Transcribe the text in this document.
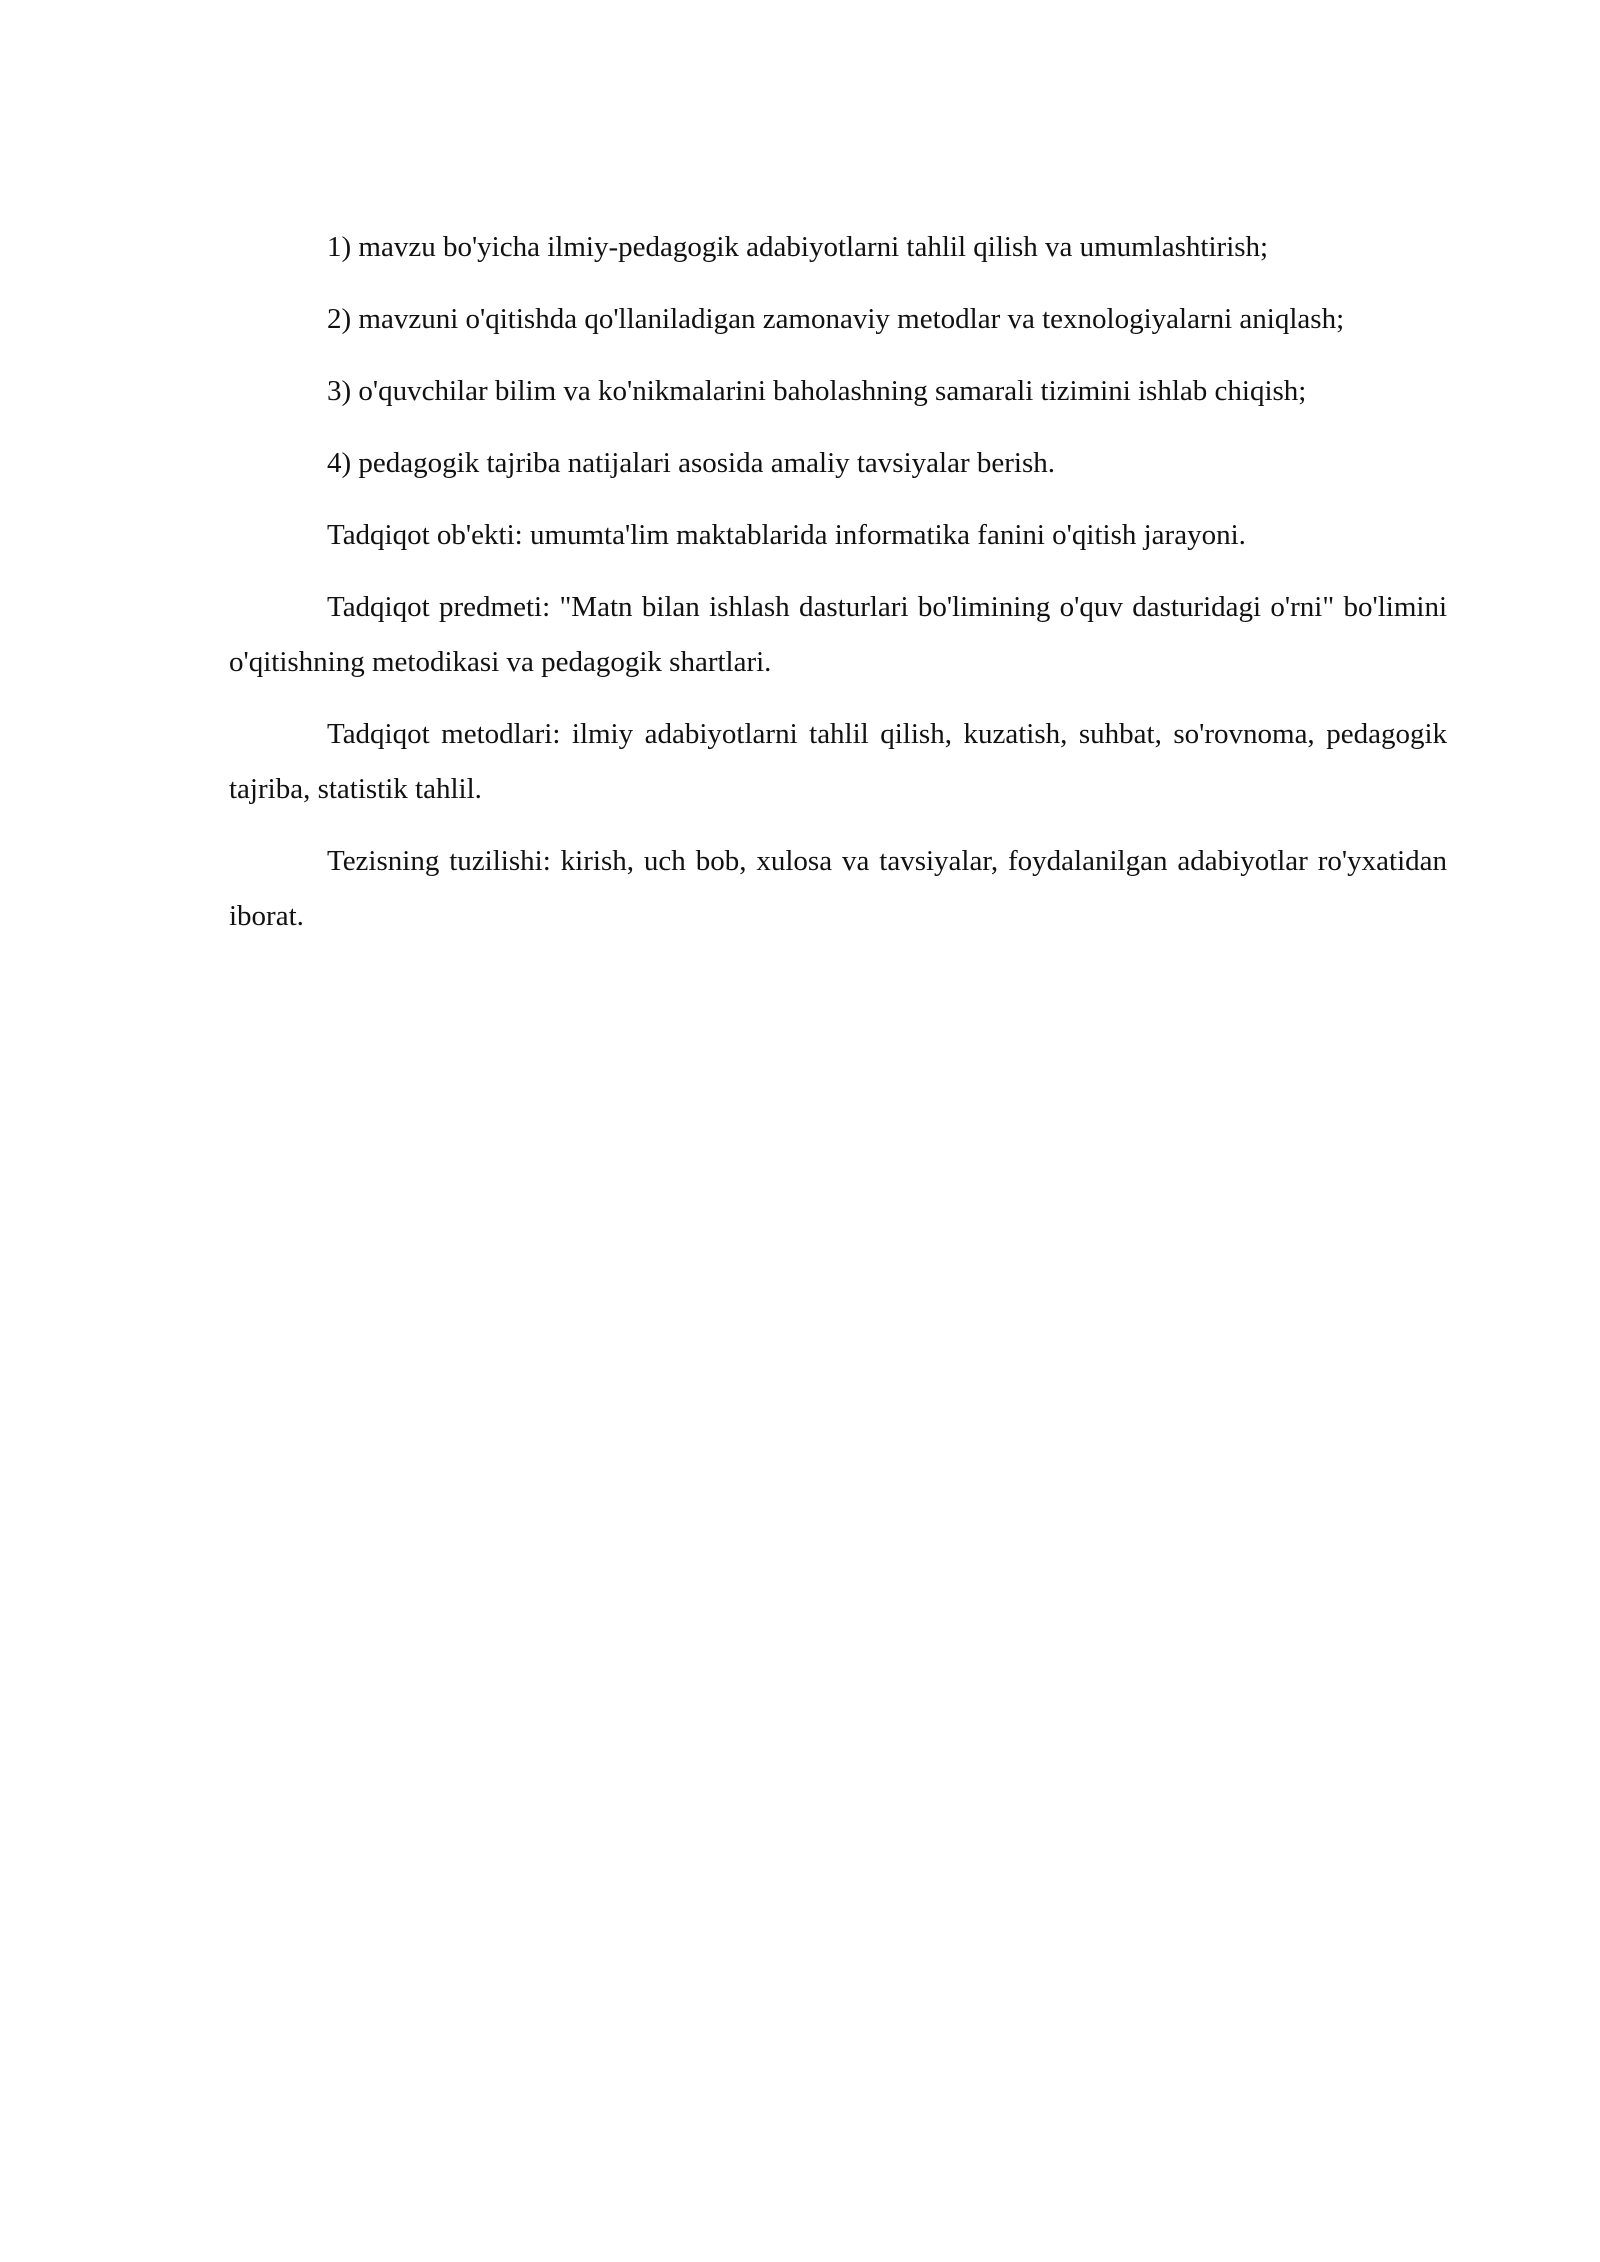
1) mavzu bo'yicha ilmiy-pedagogik adabiyotlarni tahlil qilish va umumlashtirish;

2) mavzuni o'qitishda qo'llaniladigan zamonaviy metodlar va texnologiyalarni aniqlash;

3) o'quvchilar bilim va ko'nikmalarini baholashning samarali tizimini ishlab chiqish;

4) pedagogik tajriba natijalari asosida amaliy tavsiyalar berish.

Tadqiqot ob'ekti: umumta'lim maktablarida informatika fanini o'qitish jarayoni.

Tadqiqot predmeti: "Matn bilan ishlash dasturlari bo'limining o'quv dasturidagi o'rni" bo'limini o'qitishning metodikasi va pedagogik shartlari.

Tadqiqot metodlari: ilmiy adabiyotlarni tahlil qilish, kuzatish, suhbat, so'rovnoma, pedagogik tajriba, statistik tahlil.

Tezisning tuzilishi: kirish, uch bob, xulosa va tavsiyalar, foydalanilgan adabiyotlar ro'yxatidan iborat.
